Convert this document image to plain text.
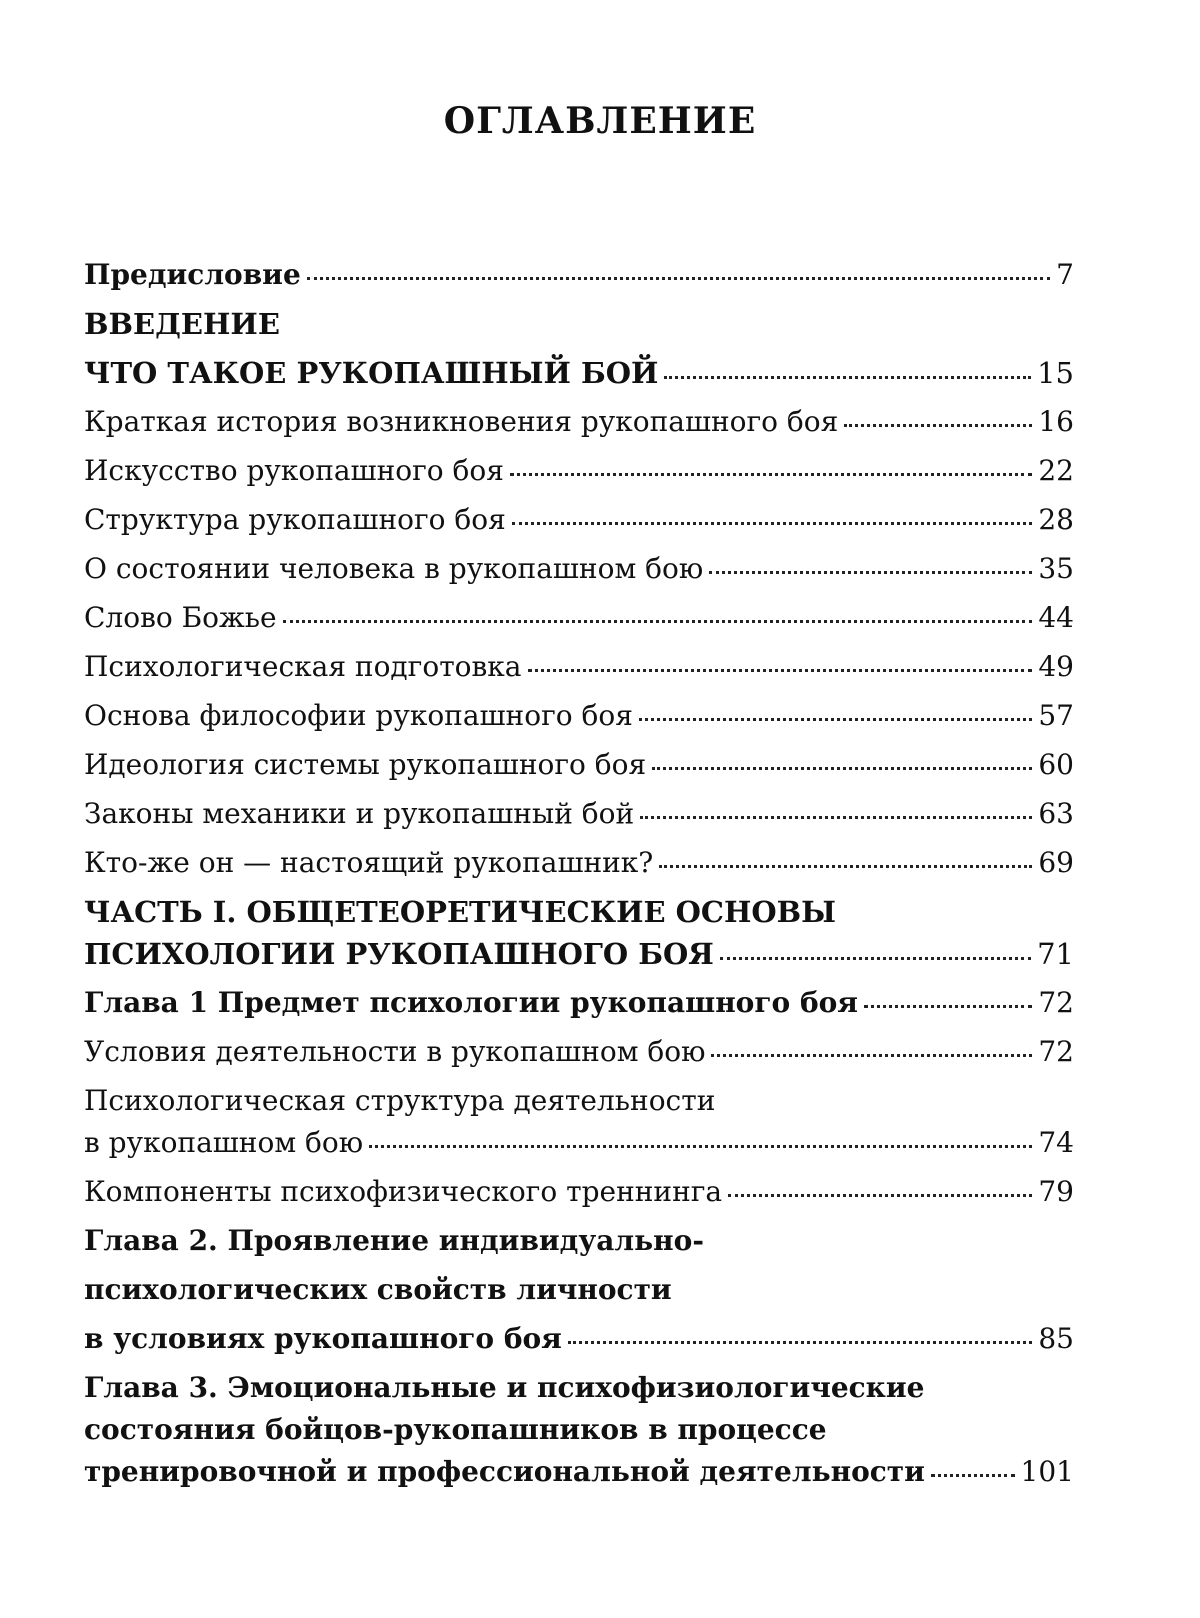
ОГЛАВЛЕНИЕ
Предисловие	7
ВВЕДЕНИЕ
ЧТО ТАКОЕ РУКОПАШНЫЙ БОЙ	15
Краткая история возникновения рукопашного боя	16
Искусство рукопашного боя	22
Структура рукопашного боя	28
О состоянии человека в рукопашном бою	35
Слово Божье	44
Психологическая подготовка	49
Основа философии рукопашного боя	57
Идеология системы рукопашного боя	60
Законы механики и рукопашный бой	63
Кто-же он — настоящий рукопашник?	69
ЧАСТЬ I. ОБЩЕТЕОРЕТИЧЕСКИЕ ОСНОВЫ
ПСИХОЛОГИИ РУКОПАШНОГО БОЯ	71
Глава 1 Предмет психологии рукопашного боя	72
Условия деятельности в рукопашном бою	72
Психологическая структура деятельности
в рукопашном бою	74
Компоненты психофизического треннинга	79
Глава 2. Проявление индивидуально-
психологических свойств личности
в условиях рукопашного боя	85
Глава 3. Эмоциональные и психофизиологические
состояния бойцов-рукопашников в процессе
тренировочной и профессиональной деятельности	101
